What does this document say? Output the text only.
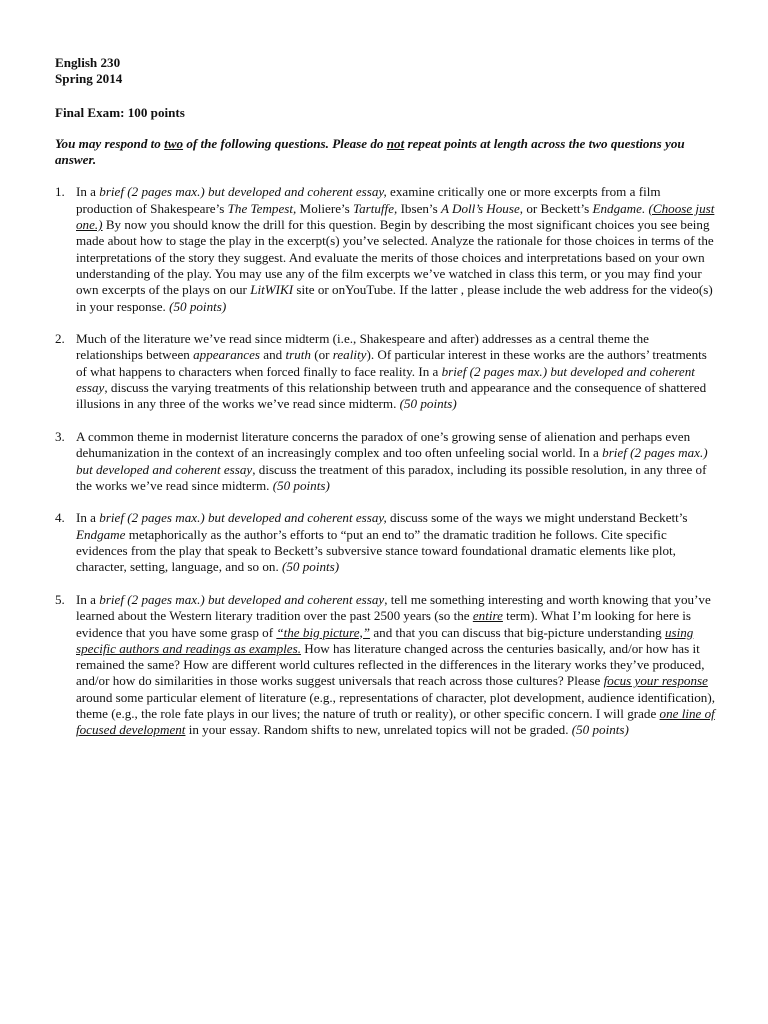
English 230
Spring 2014
Final Exam: 100 points
You may respond to two of the following questions. Please do not repeat points at length across the two questions you answer.
1. In a brief (2 pages max.) but developed and coherent essay, examine critically one or more excerpts from a film production of Shakespeare’s The Tempest, Moliere’s Tartuffe, Ibsen’s A Doll’s House, or Beckett’s Endgame. (Choose just one.) By now you should know the drill for this question. Begin by describing the most significant choices you see being made about how to stage the play in the excerpt(s) you’ve selected. Analyze the rationale for those choices in terms of the interpretations of the story they suggest. And evaluate the merits of those choices and interpretations based on your own understanding of the play. You may use any of the film excerpts we’ve watched in class this term, or you may find your own excerpts of the plays on our LitWIKI site or onYouTube. If the latter , please include the web address for the video(s) in your response. (50 points)
2. Much of the literature we’ve read since midterm (i.e., Shakespeare and after) addresses as a central theme the relationships between appearances and truth (or reality). Of particular interest in these works are the authors’ treatments of what happens to characters when forced finally to face reality. In a brief (2 pages max.) but developed and coherent essay, discuss the varying treatments of this relationship between truth and appearance and the consequence of shattered illusions in any three of the works we’ve read since midterm. (50 points)
3. A common theme in modernist literature concerns the paradox of one’s growing sense of alienation and perhaps even dehumanization in the context of an increasingly complex and too often unfeeling social world. In a brief (2 pages max.) but developed and coherent essay, discuss the treatment of this paradox, including its possible resolution, in any three of the works we’ve read since midterm. (50 points)
4. In a brief (2 pages max.) but developed and coherent essay, discuss some of the ways we might understand Beckett’s Endgame metaphorically as the author’s efforts to “put an end to” the dramatic tradition he follows. Cite specific evidences from the play that speak to Beckett’s subversive stance toward foundational dramatic elements like plot, character, setting, language, and so on. (50 points)
5. In a brief (2 pages max.) but developed and coherent essay, tell me something interesting and worth knowing that you’ve learned about the Western literary tradition over the past 2500 years (so the entire term). What I’m looking for here is evidence that you have some grasp of “the big picture,” and that you can discuss that big-picture understanding using specific authors and readings as examples. How has literature changed across the centuries basically, and/or how has it remained the same? How are different world cultures reflected in the differences in the literary works they’ve produced, and/or how do similarities in those works suggest universals that reach across those cultures? Please focus your response around some particular element of literature (e.g., representations of character, plot development, audience identification), theme (e.g., the role fate plays in our lives; the nature of truth or reality), or other specific concern. I will grade one line of focused development in your essay. Random shifts to new, unrelated topics will not be graded. (50 points)
